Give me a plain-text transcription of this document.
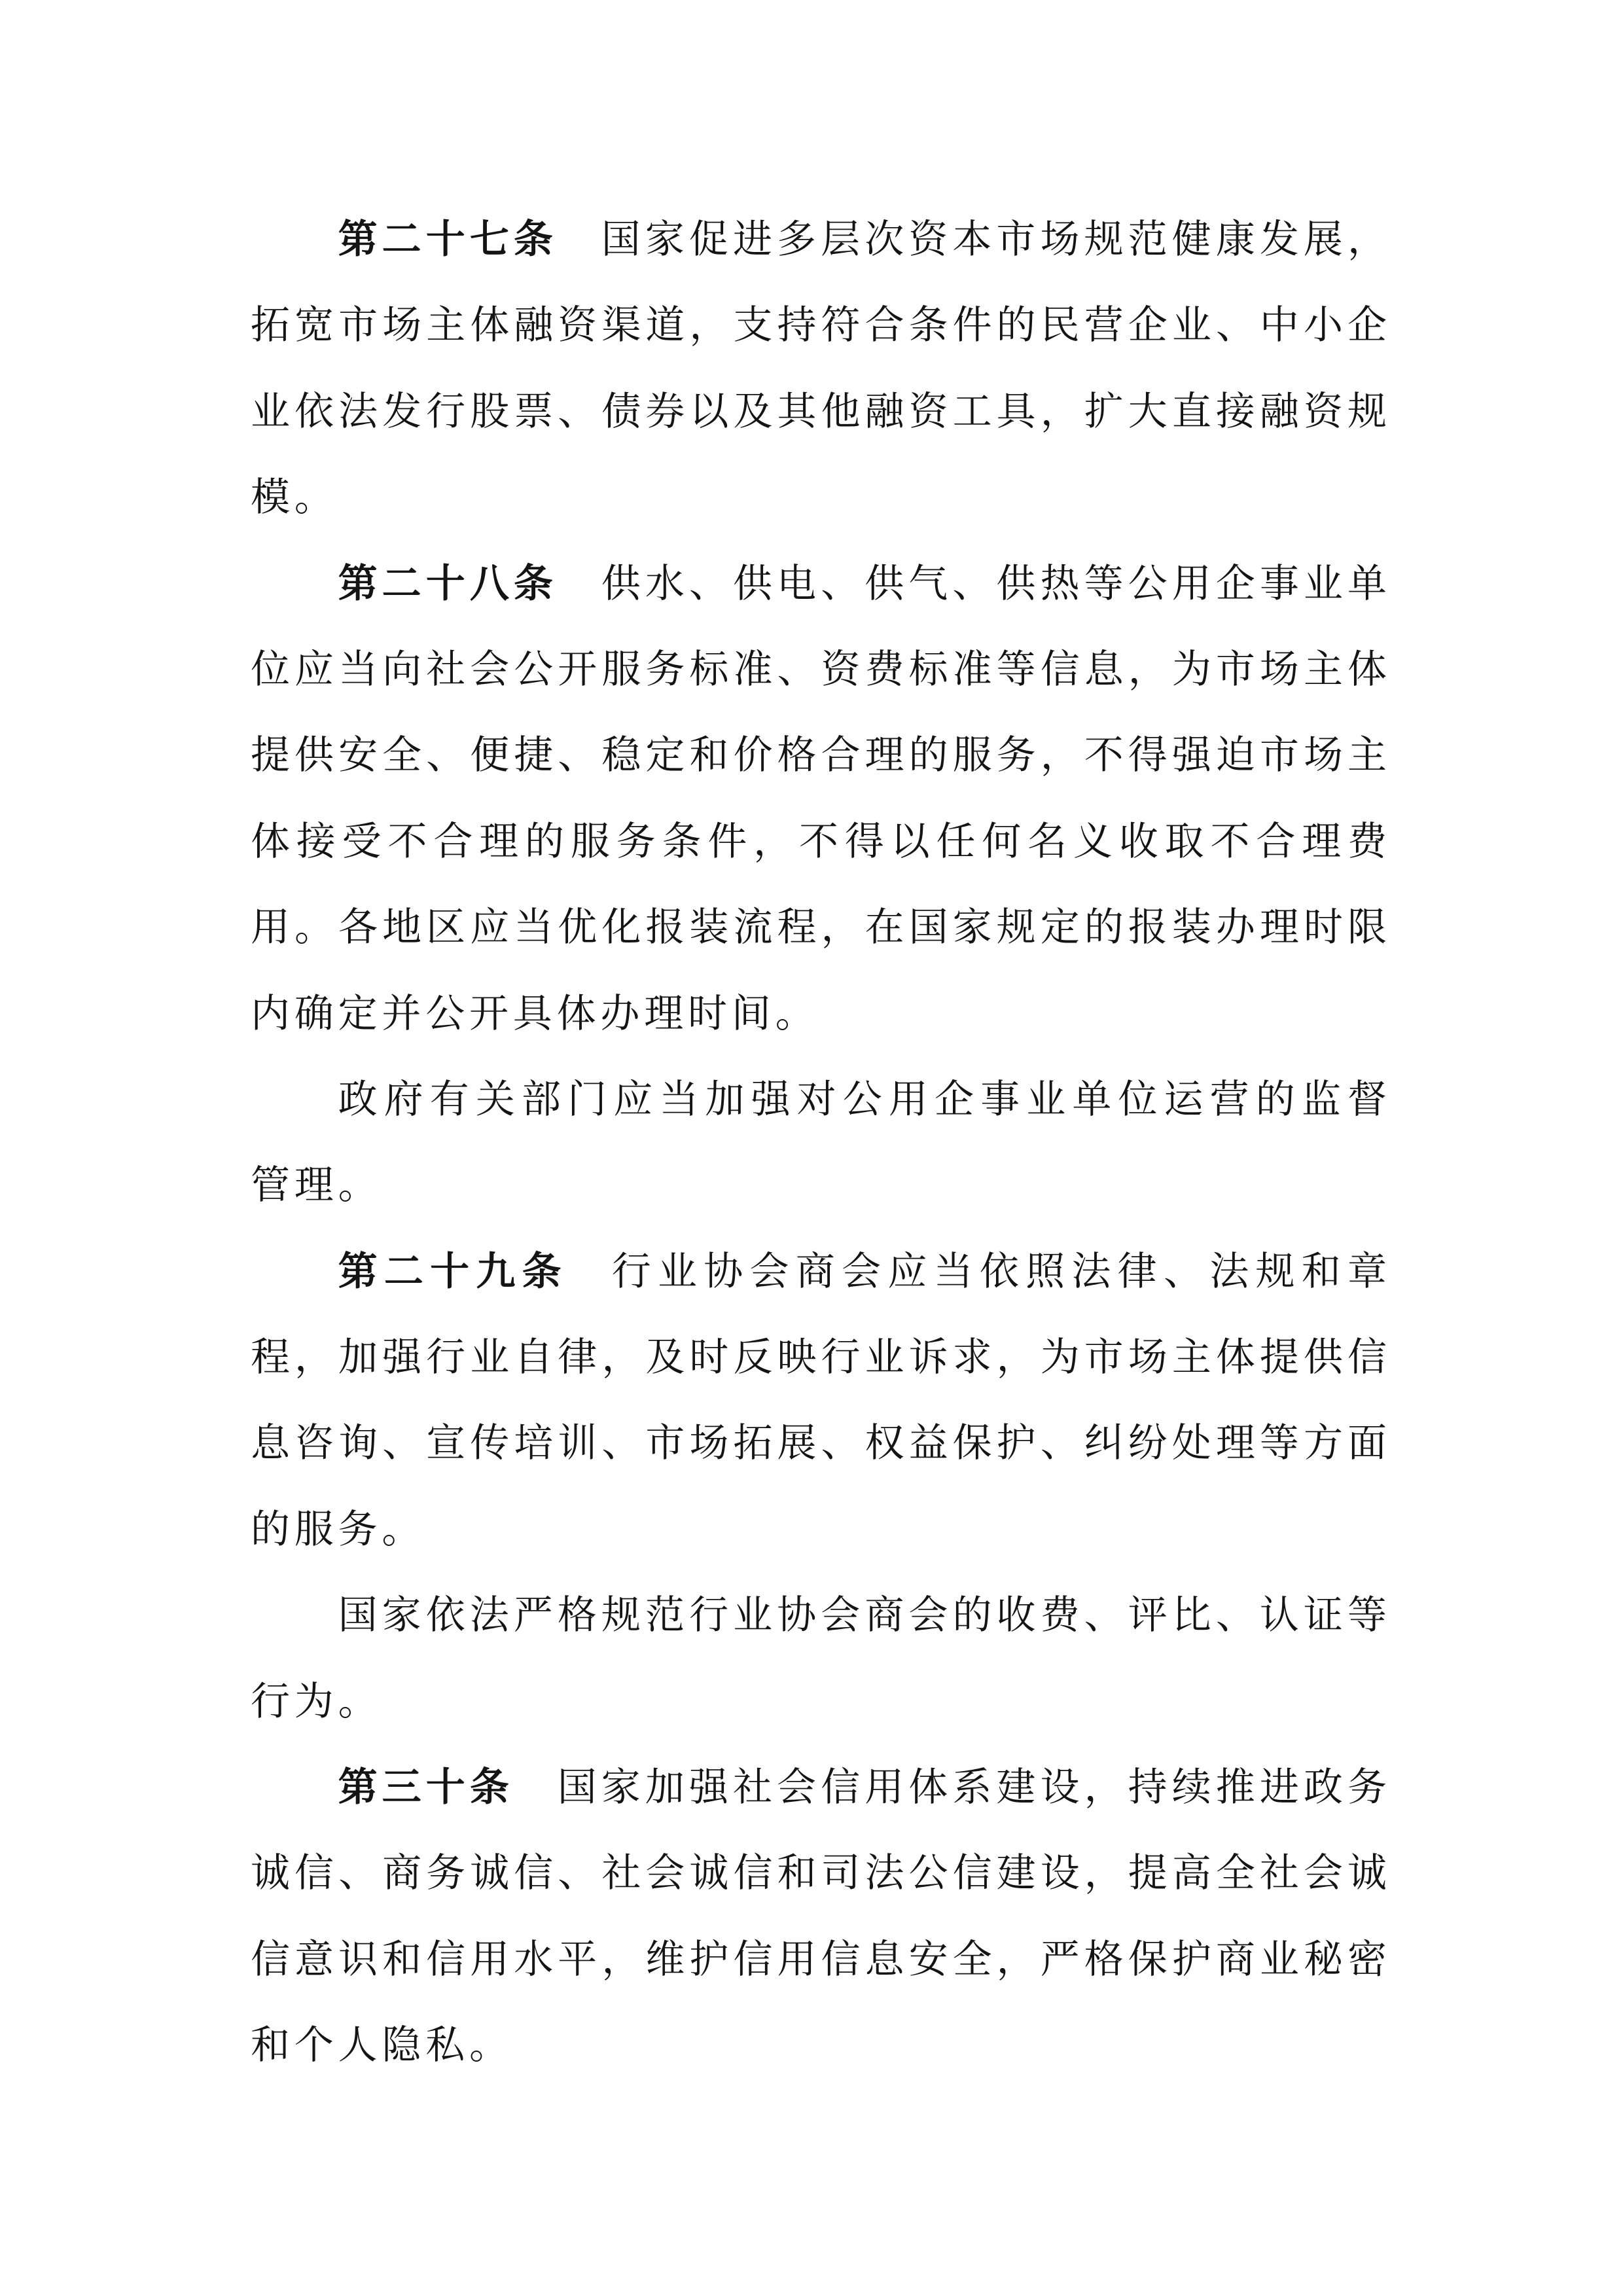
第二十七条 国家促进多层次资本市场规范健康发展，
拓宽市场主体融资渠道，支持符合条件的民营企业、中小企
业依法发行股票、债券以及其他融资工具，扩大直接融资规
模。
第二十八条 供水、供电、供气、供热等公用企事业单
位应当向社会公开服务标准、资费标准等信息，为市场主体
提供安全、便捷、稳定和价格合理的服务，不得强迫市场主
体接受不合理的服务条件，不得以任何名义收取不合理费
用。各地区应当优化报装流程，在国家规定的报装办理时限
内确定并公开具体办理时间。
政府有关部门应当加强对公用企事业单位运营的监督
管理。
第二十九条 行业协会商会应当依照法律、法规和章
程，加强行业自律，及时反映行业诉求，为市场主体提供信
息咨询、宣传培训、市场拓展、权益保护、纠纷处理等方面
的服务。
国家依法严格规范行业协会商会的收费、评比、认证等
行为。
第三十条 国家加强社会信用体系建设，持续推进政务
诚信、商务诚信、社会诚信和司法公信建设，提高全社会诚
信意识和信用水平，维护信用信息安全，严格保护商业秘密
和个人隐私。
